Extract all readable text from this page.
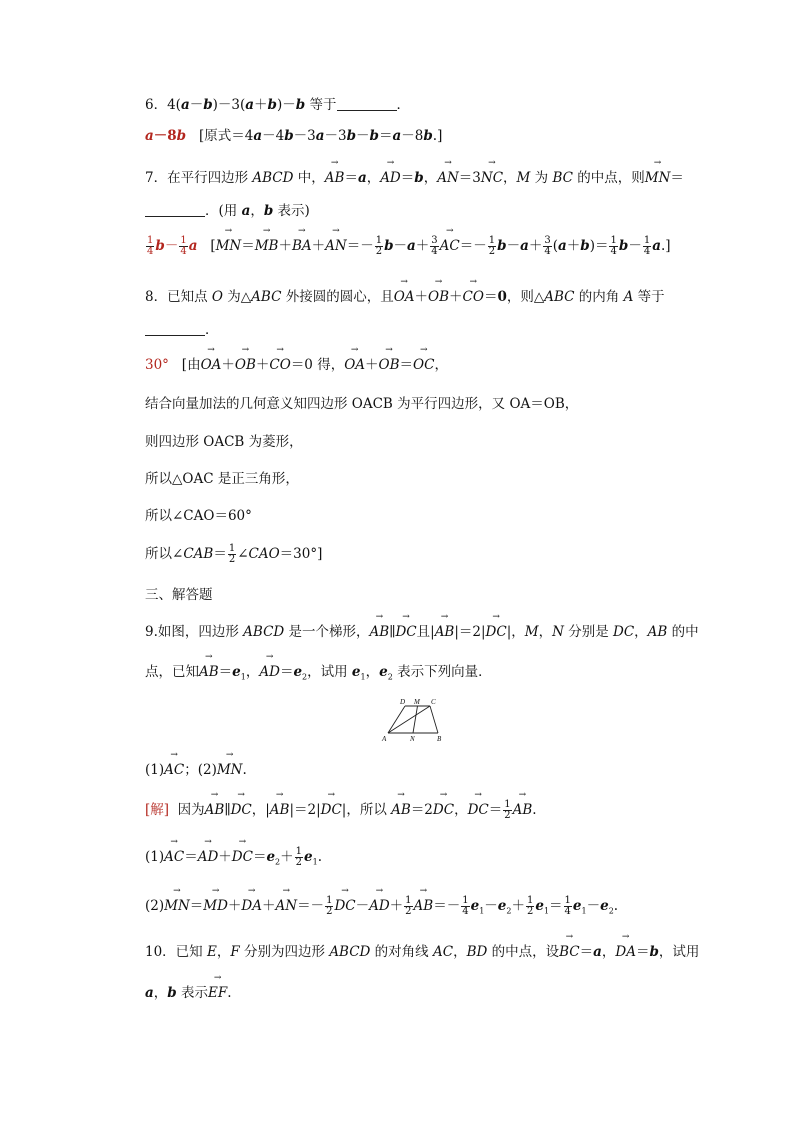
6．4(a－b)－3(a＋b)－b 等于	．
a－8b   [原式＝4a－4b－3a－3b－b＝a－8b.]
7．在平行四边形 ABCD 中，→ AB＝a，→ AD＝b，→ AN＝3→ NC，M 为 BC 的中点，则→ MN＝
．(用 a，b 表示)
$\frac{1}{4} b- \frac{1}{4}$ a   [→ $MN=\to MB+\to BA+\to AN=- \frac{1}{2} b-a+ \frac{3}{4}$
→ $AC=- \frac{1}{2} b-a+ \frac{3}{4} (a+b)= \frac{1}{4} b- \frac{1}{4} a$.]
8．已知点 O 为△ABC 外接圆的圆心，且→ OA＋→ OB＋→ CO＝0，则△ABC 的内角 A 等于
．
30°   [由→ OA＋→ OB＋→ CO＝0 得，→ OA＋→ OB＝→ OC，
结合向量加法的几何意义知四边形 OACB 为平行四边形，又 OA＝OB，
则四边形 OACB 为菱形，
所以△OAC 是正三角形，
所以∠CAO＝60°
所以∠CAB＝ $\frac{1}{2}$ ∠CAO＝30°]
三、解答题
9.如图，四边形 ABCD 是一个梯形，→ AB∥→ DC且|→ AB|＝2|→ DC|，M，N 分别是 DC，AB 的中
点，已知→ $AB=e_1$，→ $AD=e_2$，试用 $e_1$，$e_2$ 表示下列向量．
D M C
A	N	B
(1)→ AC；(2)→ MN.
[解]  因为→ AB∥→ DC，|→ AB|＝2|→ DC|，所以 → AB＝2→ DC，→ $DC= \frac{1}{2}$
→ AB.
$(1)\to AC=\to AD+\to DC=e_2+ \frac{1}{2} e_1$.
$(2)\to MN=\to MD+\to DA+\to AN=- \frac{1}{2}$
→ $DC-\to AD+ \frac{1}{2}$
→ $AB=- \frac{1}{4} e_1-e_2+ \frac{1}{2} e_1= \frac{1}{4} e_1-e_2$.
10．已知 E，F 分别为四边形 ABCD 的对角线 AC，BD 的中点，设→ BC＝a，→ DA＝b，试用
a，b 表示→ EF.
